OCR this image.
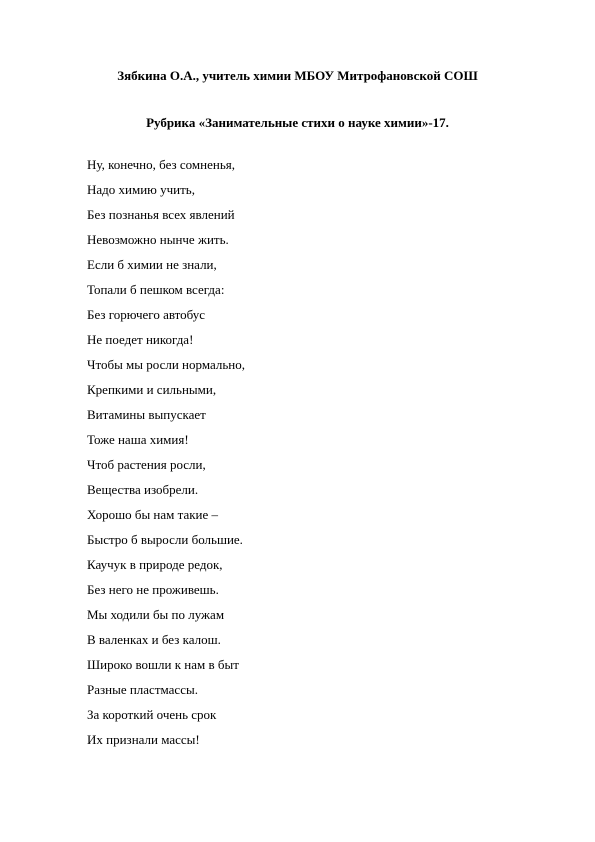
Зябкина О.А., учитель химии МБОУ Митрофановской СОШ

Рубрика «Занимательные стихи о науке химии»-17.

Ну, конечно, без сомненья,
Надо химию учить,
Без познанья всех явлений
Невозможно нынче жить.
Если б химии не знали,
Топали б пешком всегда:
Без горючего автобус
Не поедет никогда!
Чтобы мы росли нормально,
Крепкими и сильными,
Витамины выпускает
Тоже наша химия!
Чтоб растения росли,
Вещества изобрели.
Хорошо бы нам такие –
Быстро б выросли большие.
Каучук в природе редок,
Без него не проживешь.
Мы ходили бы по лужам
В валенках и без калош.
Широко вошли к нам в быт
Разные пластмассы.
За короткий очень срок
Их признали массы!
